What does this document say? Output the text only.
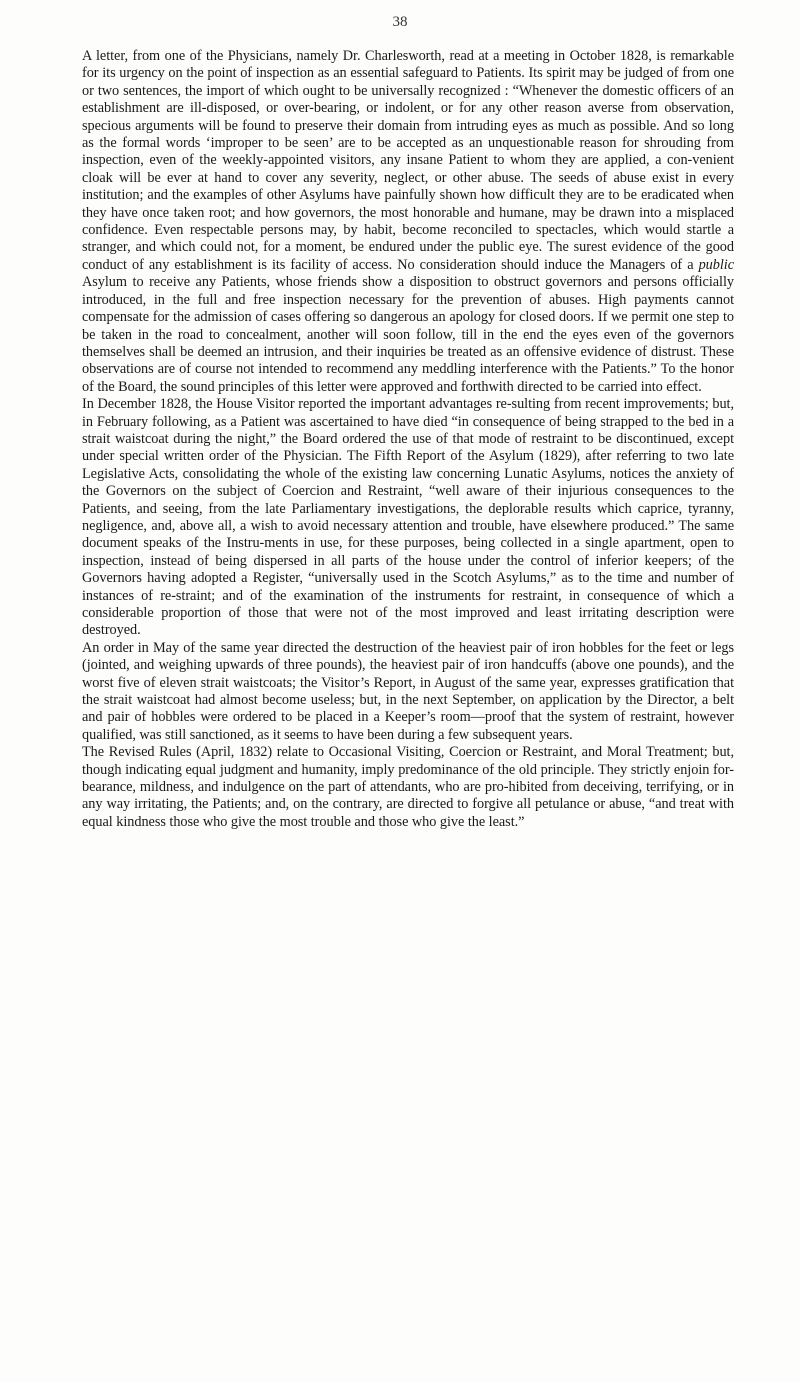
38

A letter, from one of the Physicians, namely Dr. Charlesworth, read at a meeting in October 1828, is remarkable for its urgency on the point of inspection as an essential safeguard to Patients. Its spirit may be judged of from one or two sentences, the import of which ought to be universally recognized : “Whenever the domestic officers of an establishment are ill-disposed, or over-bearing, or indolent, or for any other reason averse from observation, specious arguments will be found to preserve their domain from intruding eyes as much as possible. And so long as the formal words ‘improper to be seen’ are to be accepted as an unquestionable reason for shrouding from inspection, even of the weekly-appointed visitors, any insane Patient to whom they are applied, a con-venient cloak will be ever at hand to cover any severity, neglect, or other abuse. The seeds of abuse exist in every institution; and the examples of other Asylums have painfully shown how difficult they are to be eradicated when they have once taken root; and how governors, the most honorable and humane, may be drawn into a misplaced confidence. Even respectable persons may, by habit, become reconciled to spectacles, which would startle a stranger, and which could not, for a moment, be endured under the public eye. The surest evidence of the good conduct of any establishment is its facility of access. No consideration should induce the Managers of a public Asylum to receive any Patients, whose friends show a disposition to obstruct governors and persons officially introduced, in the full and free inspection necessary for the prevention of abuses. High payments cannot compensate for the admission of cases offering so dangerous an apology for closed doors. If we permit one step to be taken in the road to concealment, another will soon follow, till in the end the eyes even of the governors themselves shall be deemed an intrusion, and their inquiries be treated as an offensive evidence of distrust. These observations are of course not intended to recommend any meddling interference with the Patients.” To the honor of the Board, the sound principles of this letter were approved and forthwith directed to be carried into effect.

In December 1828, the House Visitor reported the important advantages re-sulting from recent improvements; but, in February following, as a Patient was ascertained to have died “in consequence of being strapped to the bed in a strait waistcoat during the night,” the Board ordered the use of that mode of restraint to be discontinued, except under special written order of the Physician. The Fifth Report of the Asylum (1829), after referring to two late Legislative Acts, consolidating the whole of the existing law concerning Lunatic Asylums, notices the anxiety of the Governors on the subject of Coercion and Restraint, “well aware of their injurious consequences to the Patients, and seeing, from the late Parliamentary investigations, the deplorable results which caprice, tyranny, negligence, and, above all, a wish to avoid necessary attention and trouble, have elsewhere produced.” The same document speaks of the Instru-ments in use, for these purposes, being collected in a single apartment, open to inspection, instead of being dispersed in all parts of the house under the control of inferior keepers; of the Governors having adopted a Register, “universally used in the Scotch Asylums,” as to the time and number of instances of re-straint; and of the examination of the instruments for restraint, in consequence of which a considerable proportion of those that were not of the most improved and least irritating description were destroyed.

An order in May of the same year directed the destruction of the heaviest pair of iron hobbles for the feet or legs (jointed, and weighing upwards of three pounds), the heaviest pair of iron handcuffs (above one pounds), and the worst five of eleven strait waistcoats; the Visitor’s Report, in August of the same year, expresses gratification that the strait waistcoat had almost become useless; but, in the next September, on application by the Director, a belt and pair of hobbles were ordered to be placed in a Keeper’s room—proof that the system of restraint, however qualified, was still sanctioned, as it seems to have been during a few subsequent years.

The Revised Rules (April, 1832) relate to Occasional Visiting, Coercion or Restraint, and Moral Treatment; but, though indicating equal judgment and humanity, imply predominance of the old principle. They strictly enjoin for-bearance, mildness, and indulgence on the part of attendants, who are pro-hibited from deceiving, terrifying, or in any way irritating, the Patients; and, on the contrary, are directed to forgive all petulance or abuse, “and treat with equal kindness those who give the most trouble and those who give the least.”
